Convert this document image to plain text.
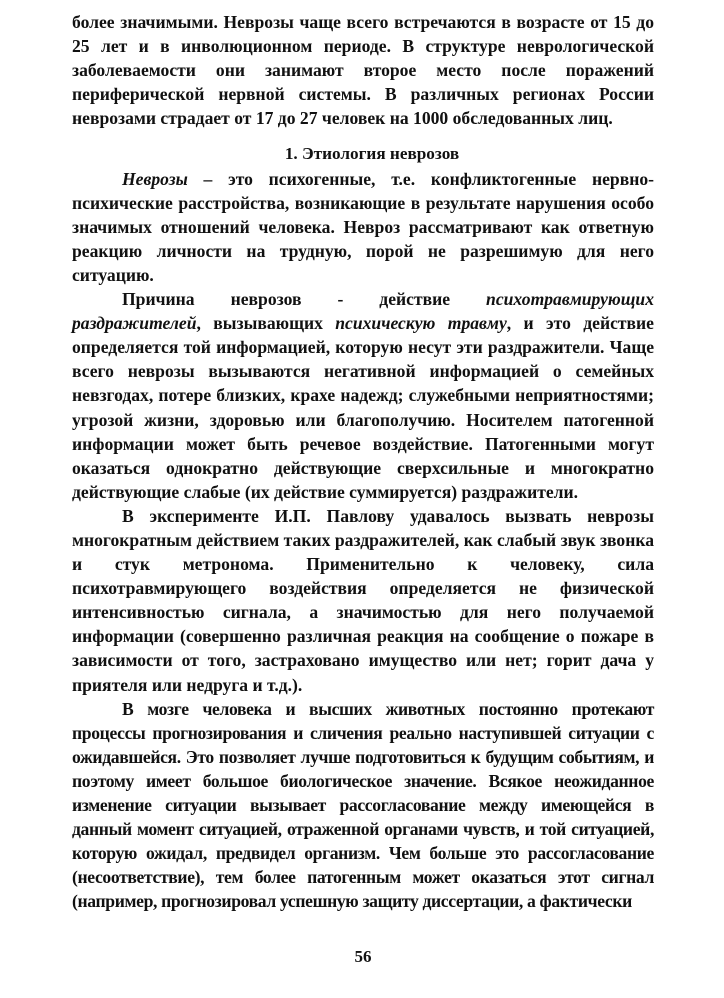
более значимыми. Неврозы чаще всего встречаются в возрасте от 15 до 25 лет и в инволюционном периоде. В структуре неврологической заболеваемости они занимают второе место после поражений периферической нервной системы. В различных регионах России неврозами страдает от 17 до 27 человек на 1000 обследованных лиц.

1. Этиология неврозов

Неврозы – это психогенные, т.е. конфликтогенные нервно-психические расстройства, возникающие в результате нарушения особо значимых отношений человека. Невроз рассматривают как ответную реакцию личности на трудную, порой не разрешимую для него ситуацию.

Причина неврозов - действие психотравмирующих раздражителей, вызывающих психическую травму, и это действие определяется той информацией, которую несут эти раздражители. Чаще всего неврозы вызываются негативной информацией о семейных невзгодах, потере близких, крахе надежд; служебными неприятностями; угрозой жизни, здоровью или благополучию. Носителем патогенной информации может быть речевое воздействие. Патогенными могут оказаться однократно действующие сверхсильные и многократно действующие слабые (их действие суммируется) раздражители.

В эксперименте И.П. Павлову удавалось вызвать неврозы многократным действием таких раздражителей, как слабый звук звонка и стук метронома. Применительно к человеку, сила психотравмирующего воздействия определяется не физической интенсивностью сигнала, а значимостью для него получаемой информации (совершенно различная реакция на сообщение о пожаре в зависимости от того, застраховано имущество или нет; горит дача у приятеля или недруга и т.д.).

В мозге человека и высших животных постоянно протекают процессы прогнозирования и сличения реально наступившей ситуации с ожидавшейся. Это позволяет лучше подготовиться к будущим событиям, и поэтому имеет большое биологическое значение. Всякое неожиданное изменение ситуации вызывает рассогласование между имеющейся в данный момент ситуацией, отраженной органами чувств, и той ситуацией, которую ожидал, предвидел организм. Чем больше это рассогласование (несоответствие), тем более патогенным может оказаться этот сигнал (например, прогнозировал успешную защиту диссертации, а фактически

56
